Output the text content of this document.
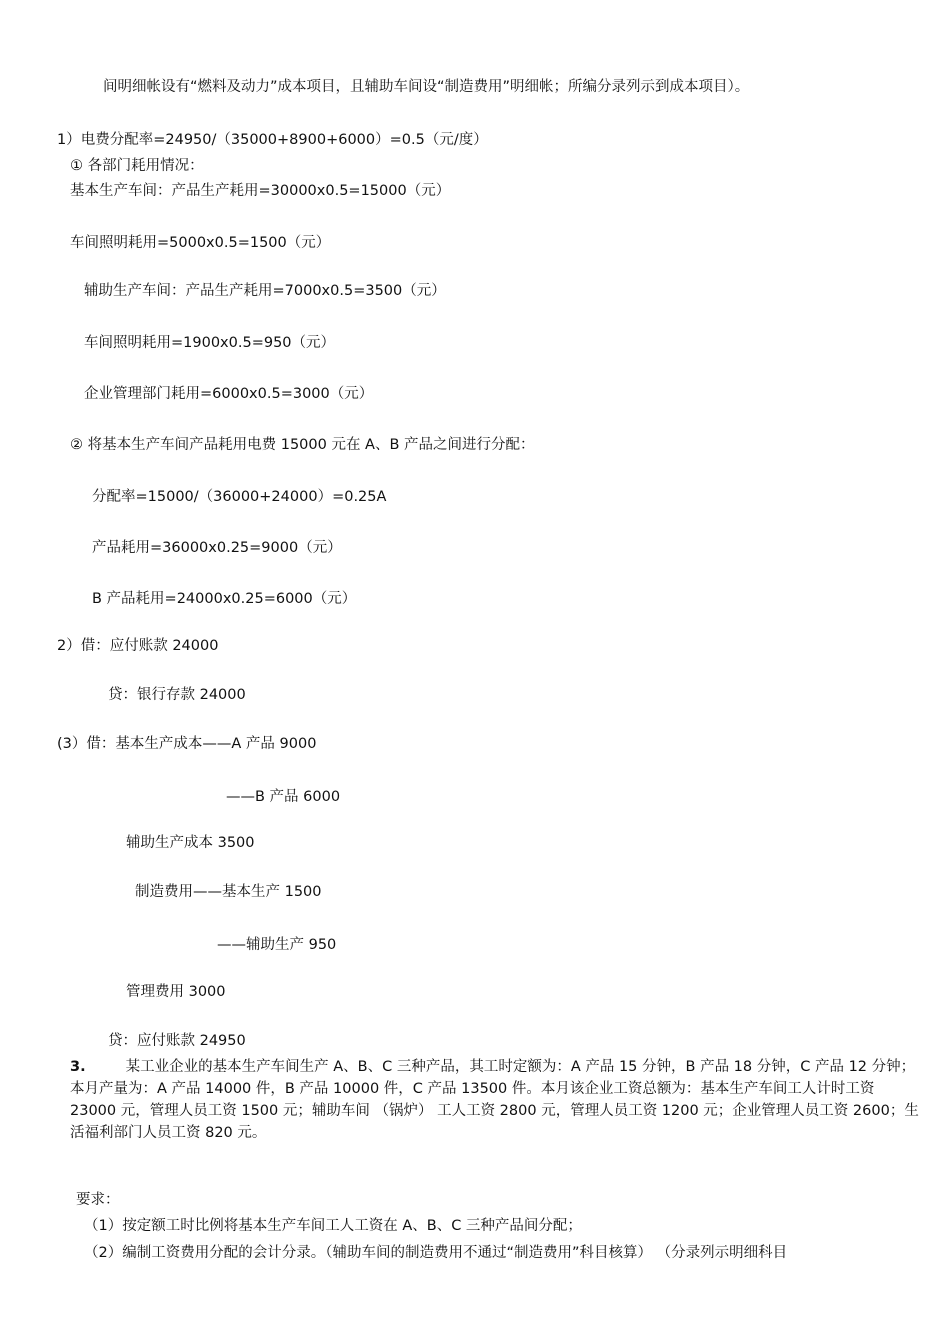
间明细帐设有“燃料及动力”成本项目，且辅助车间设“制造费用”明细帐；所编分录列示到成本项目）。
1）电费分配率=24950/（35000+8900+6000）=0.5（元/度）
① 各部门耗用情况：
基本生产车间：产品生产耗用=30000x0.5=15000（元）
车间照明耗用=5000x0.5=1500（元）
辅助生产车间：产品生产耗用=7000x0.5=3500（元）
车间照明耗用=1900x0.5=950（元）
企业管理部门耗用=6000x0.5=3000（元）
② 将基本生产车间产品耗用电费 15000 元在 A、B 产品之间进行分配：
分配率=15000/（36000+24000）=0.25A
产品耗用=36000x0.25=9000（元）
B 产品耗用=24000x0.25=6000（元）
2）借：应付账款 24000
贷：银行存款 24000
(3）借：基本生产成本——A 产品 9000
——B 产品 6000
辅助生产成本 3500
制造费用——基本生产 1500
——辅助生产 950
管理费用 3000
贷：应付账款 24950
3.	某工业企业的基本生产车间生产 A、B、C 三种产品，其工时定额为：A 产品 15 分钟，B 产品 18 分钟，C 产品 12 分钟；本月产量为：A 产品 14000 件，B 产品 10000 件，C 产品 13500 件。本月该企业工资总额为：基本生产车间工人计时工资 23000 元，管理人员工资 1500 元；辅助车间 （锅炉） 工人工资 2800 元，管理人员工资 1200 元；企业管理人员工资 2600；生活福利部门人员工资 820 元。
要求：
（1）按定额工时比例将基本生产车间工人工资在 A、B、C 三种产品间分配；
（2）编制工资费用分配的会计分录。（辅助车间的制造费用不通过“制造费用”科目核算） （分录列示明细科目
